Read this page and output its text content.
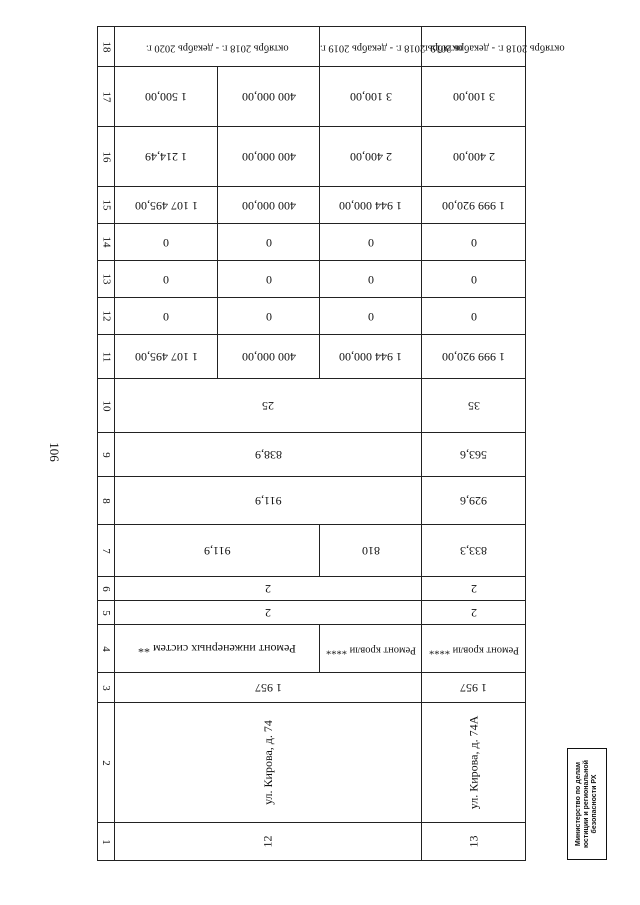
106
18	октябрь 2018 г. - декабрь 2020 г.		октябрь 2018 г. - декабрь 2019 г.	октябрь 2018 г. - декабрь 2019 г.
17	1 500,00	400 000,00	3 100,00	3 100,00
16	1 214,49	400 000,00	2 400,00	2 400,00
15	1 107 495,00	400 000,00	1 944 000,00	1 999 920,00
14	0	0	0	0
13	0	0	0	0
12	0	0	0	0
11	1 107 495,00	400 000,00	1 944 000,00	1 999 920,00
10	25			35
9	838,9			563,6
8	911,9			929,6
7	911,9		810	833,3
6	2			2
5	2			2
4	Ремонт инженерных систем **		Ремонт кровли ****	Ремонт кровли ****
3	1 957			1 957
2	ул. Кирова, д. 74			ул. Кирова, д. 74А
1	12			13	Министерство по делам юстиции и региональной безопасности РХ
